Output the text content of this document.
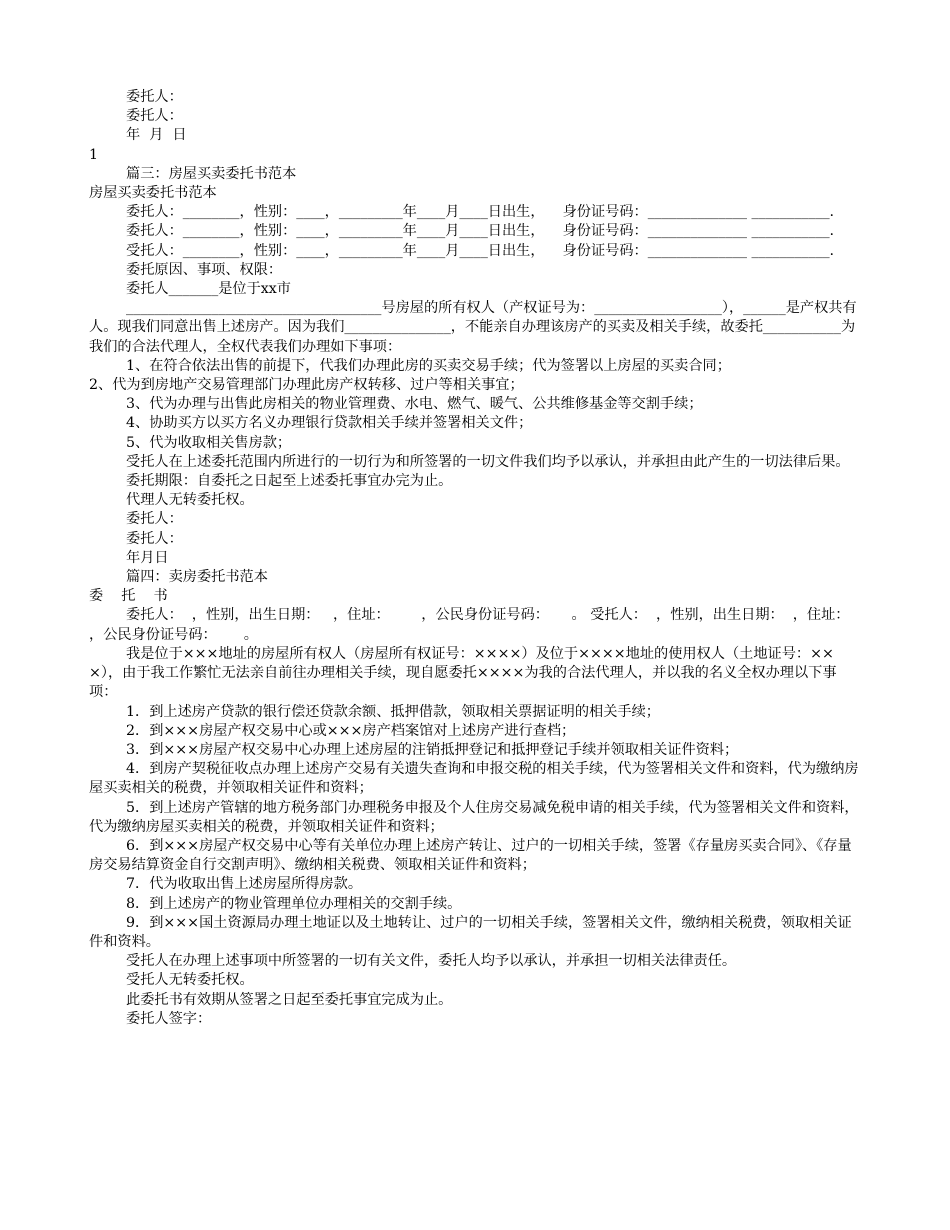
委托人：

委托人：

年  月  日

1

篇三：房屋买卖委托书范本

房屋买卖委托书范本

委托人：________，性别：____，_________年____月____日出生，    身份证号码：______________ ___________.

委托人：________，性别：____，_________年____月____日出生，    身份证号码：______________ ___________.

受托人：________，性别：____，_________年____月____日出生，    身份证号码：______________ ___________.

委托原因、事项、权限：

委托人_______是位于xx市

____________________________________号房屋的所有权人（产权证号为：__________________），______是产权共有人。现我们同意出售上述房产。因为我们_______________，不能亲自办理该房产的买卖及相关手续，故委托___________为我们的合法代理人，全权代表我们办理如下事项：

1、在符合依法出售的前提下，代我们办理此房的买卖交易手续；代为签署以上房屋的买卖合同；

2、代为到房地产交易管理部门办理此房产权转移、过户等相关事宜；

3、代为办理与出售此房相关的物业管理费、水电、燃气、暖气、公共维修基金等交割手续；

4、协助买方以买方名义办理银行贷款相关手续并签署相关文件；

5、代为收取相关售房款；

受托人在上述委托范围内所进行的一切行为和所签署的一切文件我们均予以承认，并承担由此产生的一切法律后果。

委托期限：自委托之日起至上述委托事宜办完为止。

代理人无转委托权。

委托人：

委托人：

年月日

篇四：卖房委托书范本

委    托    书

委托人：  ，性别，出生日期：   ，住址：       ，公民身份证号码：     。 受托人：  ，性别，出生日期：  ，住址：        ，公民身份证号码：      。

我是位于×××地址的房屋所有权人（房屋所有权证号：××××）及位于××××地址的使用权人（土地证号：×××），由于我工作繁忙无法亲自前往办理相关手续，现自愿委托××××为我的合法代理人，并以我的名义全权办理以下事项：

1．到上述房产贷款的银行偿还贷款余额、抵押借款，领取相关票据证明的相关手续；

2．到×××房屋产权交易中心或×××房产档案馆对上述房产进行查档；

3．到×××房屋产权交易中心办理上述房屋的注销抵押登记和抵押登记手续并领取相关证件资料；

4．到房产契税征收点办理上述房产交易有关遗失查询和申报交税的相关手续，代为签署相关文件和资料，代为缴纳房屋买卖相关的税费，并领取相关证件和资料；

5．到上述房产管辖的地方税务部门办理税务申报及个人住房交易减免税申请的相关手续，代为签署相关文件和资料，代为缴纳房屋买卖相关的税费，并领取相关证件和资料；

6．到×××房屋产权交易中心等有关单位办理上述房产转让、过户的一切相关手续，签署《存量房买卖合同》、《存量房交易结算资金自行交割声明》、缴纳相关税费、领取相关证件和资料；

7．代为收取出售上述房屋所得房款。

8．到上述房产的物业管理单位办理相关的交割手续。

9．到×××国土资源局办理土地证以及土地转让、过户的一切相关手续，签署相关文件，缴纳相关税费，领取相关证件和资料。

受托人在办理上述事项中所签署的一切有关文件，委托人均予以承认，并承担一切相关法律责任。

受托人无转委托权。

此委托书有效期从签署之日起至委托事宜完成为止。

委托人签字：
